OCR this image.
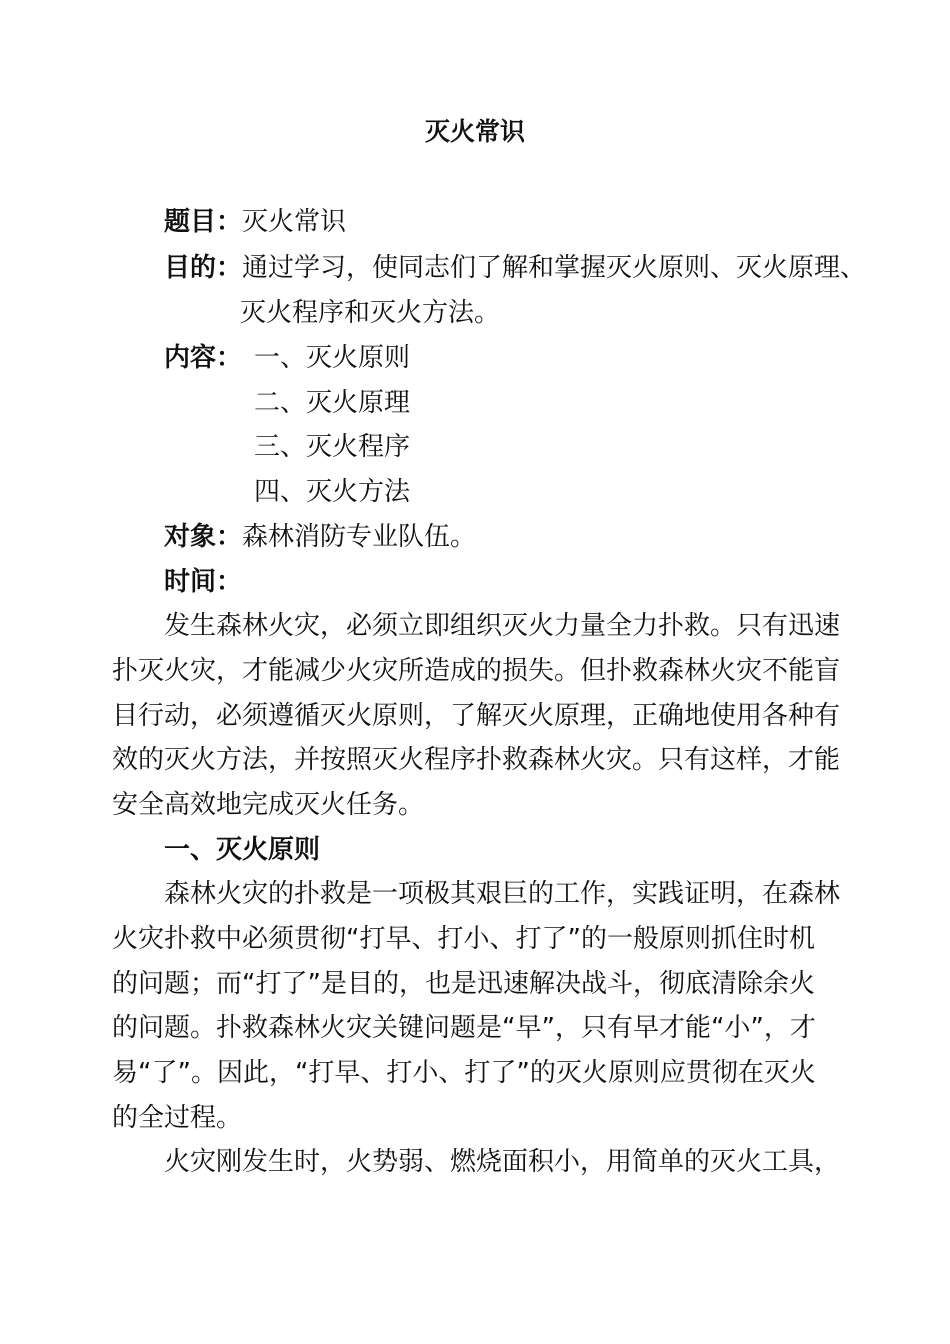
灭火常识
题目：灭火常识
目的：通过学习，使同志们了解和掌握灭火原则、灭火原理、
灭火程序和灭火方法。
内容： 一、灭火原则
二、灭火原理
三、灭火程序
四、灭火方法
对象：森林消防专业队伍。
时间：
发生森林火灾，必须立即组织灭火力量全力扑救。只有迅速
扑灭火灾，才能减少火灾所造成的损失。但扑救森林火灾不能盲
目行动，必须遵循灭火原则，了解灭火原理，正确地使用各种有
效的灭火方法，并按照灭火程序扑救森林火灾。只有这样，才能
安全高效地完成灭火任务。
一、灭火原则
森林火灾的扑救是一项极其艰巨的工作，实践证明，在森林
火灾扑救中必须贯彻“打早、打小、打了”的一般原则抓住时机
的问题；而“打了”是目的，也是迅速解决战斗，彻底清除余火
的问题。扑救森林火灾关键问题是“早”，只有早才能“小”，才
易“了”。因此，“打早、打小、打了”的灭火原则应贯彻在灭火
的全过程。
火灾刚发生时，火势弱、燃烧面积小，用简单的灭火工具，
